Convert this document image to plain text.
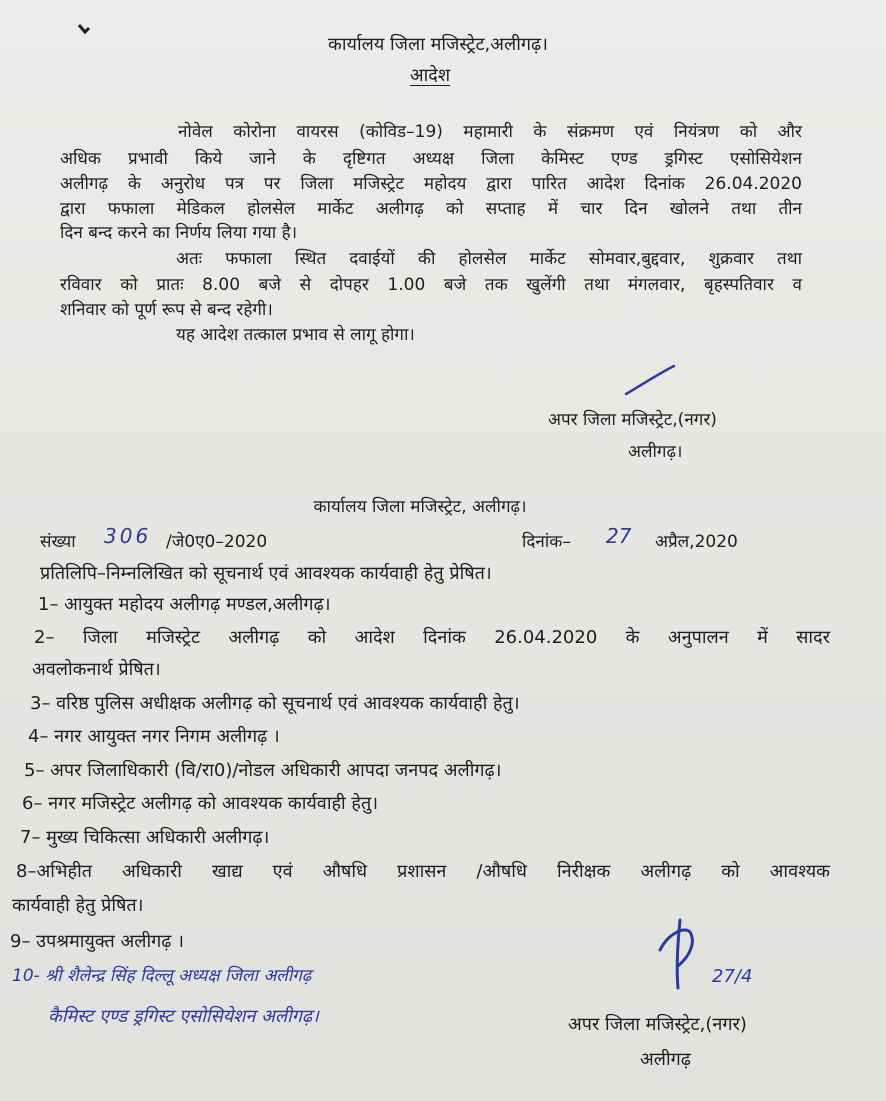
कार्यालय जिला मजिस्ट्रेट,अलीगढ़।
आदेश
नोवेल कोरोना वायरस (कोविड–19) महामारी के संक्रमण एवं नियंत्रण को और
अधिक प्रभावी किये जाने के दृष्टिगत अध्यक्ष जिला केमिस्ट एण्ड ड्रगिस्ट एसोसियेशन
अलीगढ़ के अनुरोध पत्र पर जिला मजिस्ट्रेट महोदय द्वारा पारित आदेश दिनांक 26.04.2020
द्वारा फफाला मेडिकल होलसेल मार्केट अलीगढ़ को सप्ताह में चार दिन खोलने तथा तीन
दिन बन्द करने का निर्णय लिया गया है।
अतः फफाला स्थित दवाईयों की होलसेल मार्केट सोमवार,बुद्दवार, शुक्रवार तथा
रविवार को प्रातः 8.00 बजे से दोपहर 1.00 बजे तक खुलेंगी तथा मंगलवार, बृहस्पतिवार व
शनिवार को पूर्ण रूप से बन्द रहेगी।
यह आदेश तत्काल प्रभाव से लागू होगा।
अपर जिला मजिस्ट्रेट,(नगर)
अलीगढ़।
कार्यालय जिला मजिस्ट्रेट, अलीगढ़।
संख्या 306 /जे0ए0–2020	दिनांक– 27 अप्रैल,2020
प्रतिलिपि–निम्नलिखित को सूचनार्थ एवं आवश्यक कार्यवाही हेतु प्रेषित।
1– आयुक्त महोदय अलीगढ़ मण्डल,अलीगढ़।
2– जिला मजिस्ट्रेट अलीगढ़ को आदेश दिनांक 26.04.2020 के अनुपालन में सादर
अवलोकनार्थ प्रेषित।
3– वरिष्ठ पुलिस अधीक्षक अलीगढ़ को सूचनार्थ एवं आवश्यक कार्यवाही हेतु।
4– नगर आयुक्त नगर निगम अलीगढ़ ।
5– अपर जिलाधिकारी (वि/रा0)/नोडल अधिकारी आपदा जनपद अलीगढ़।
6– नगर मजिस्ट्रेट अलीगढ़ को आवश्यक कार्यवाही हेतु।
7– मुख्य चिकित्सा अधिकारी अलीगढ़।
8–अभिहीत अधिकारी खाद्य एवं औषधि प्रशासन /औषधि निरीक्षक अलीगढ़ को आवश्यक
कार्यवाही हेतु प्रेषित।
9– उपश्रमायुक्त अलीगढ़ ।
10- श्री शैलेन्द्र सिंह दिल्लू अध्यक्ष जिला अलीगढ़
कैमिस्ट एण्ड ड्रगिस्ट एसोसियेशन अलीगढ़।
27/4
अपर जिला मजिस्ट्रेट,(नगर)
अलीगढ़
